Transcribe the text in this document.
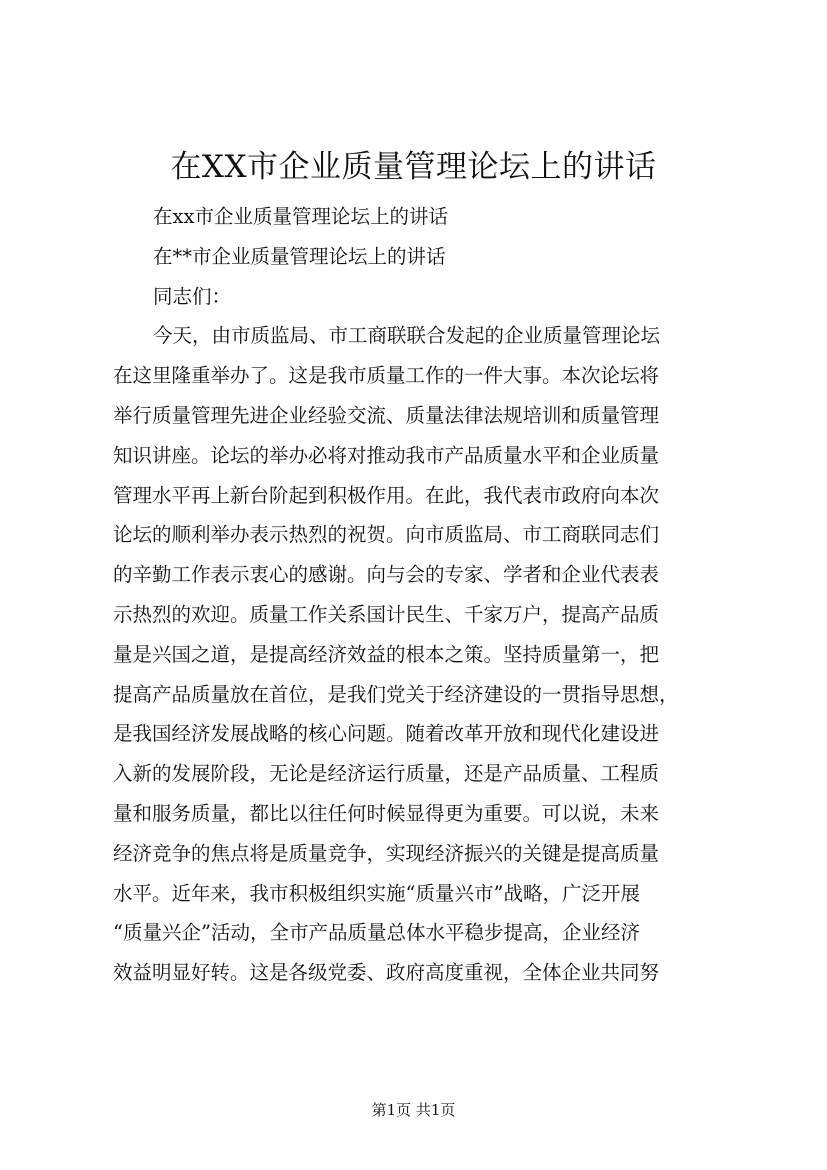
在XX市企业质量管理论坛上的讲话
在xx市企业质量管理论坛上的讲话
在**市企业质量管理论坛上的讲话
同志们：
今天，由市质监局、市工商联联合发起的企业质量管理论坛
在这里隆重举办了。这是我市质量工作的一件大事。本次论坛将
举行质量管理先进企业经验交流、质量法律法规培训和质量管理
知识讲座。论坛的举办必将对推动我市产品质量水平和企业质量
管理水平再上新台阶起到积极作用。在此，我代表市政府向本次
论坛的顺利举办表示热烈的祝贺。向市质监局、市工商联同志们
的辛勤工作表示衷心的感谢。向与会的专家、学者和企业代表表
示热烈的欢迎。质量工作关系国计民生、千家万户，提高产品质
量是兴国之道，是提高经济效益的根本之策。坚持质量第一，把
提高产品质量放在首位，是我们党关于经济建设的一贯指导思想，
是我国经济发展战略的核心问题。随着改革开放和现代化建设进
入新的发展阶段，无论是经济运行质量，还是产品质量、工程质
量和服务质量，都比以往任何时候显得更为重要。可以说，未来
经济竞争的焦点将是质量竞争，实现经济振兴的关键是提高质量
水平。近年来，我市积极组织实施“质量兴市”战略，广泛开展
“质量兴企”活动，全市产品质量总体水平稳步提高，企业经济
效益明显好转。这是各级党委、政府高度重视，全体企业共同努
第1页 共1页
